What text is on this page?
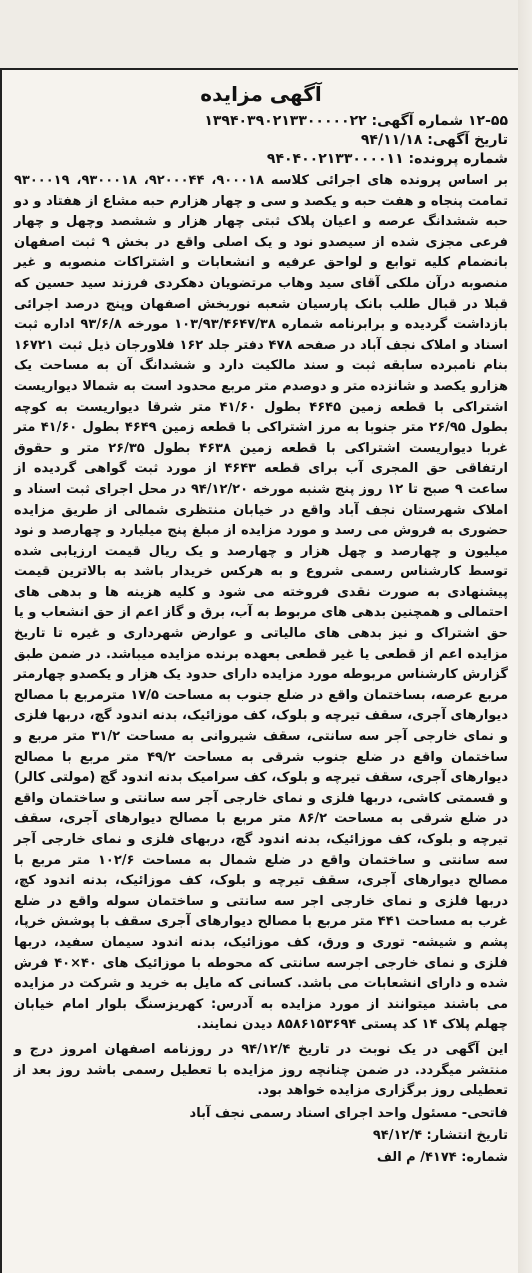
آگهی مزایده
۱۲-۵۵ شماره آگهی: ۱۳۹۴۰۳۹۰۲۱۳۳۰۰۰۰۰۲۲
تاریخ آگهی: ۹۴/۱۱/۱۸
شماره پرونده: ۹۴۰۴۰۰۲۱۳۳۰۰۰۰۱۱

بر اساس پرونده های اجرائی کلاسه ۹۰۰۰۱۸، ۹۲۰۰۰۴۴، ۹۳۰۰۰۱۸، ۹۳۰۰۰۱۹ تمامت پنجاه و هفت حبه و یکصد و سی و چهار هزارم حبه مشاع از هفتاد و دو حبه ششدانگ عرصه و اعیان پلاک ثبتی چهار هزار و ششصد وچهل و چهار فرعی مجزی شده از سیصدو نود و یک اصلی واقع در بخش ۹ ثبت اصفهان بانضمام کلیه توابع و لواحق عرفیه و انشعابات و اشتراکات منصوبه و غیر منصوبه درآن ملکی آقای سید وهاب مرتضویان دهکردی فرزند سید حسین که قبلا در قبال طلب بانک پارسیان شعبه نوربخش اصفهان وپنج درصد اجرائی بازداشت گردیده و برابرنامه شماره ۱۰۳/۹۳/۴۶۴۷/۳۸ مورخه ۹۳/۶/۸ اداره ثبت اسناد و املاک نجف آباد در صفحه ۴۷۸ دفتر جلد ۱۶۲ فلاورجان ذیل ثبت ۱۶۷۲۱ بنام نامبرده سابقه ثبت و سند مالکیت دارد و ششدانگ آن به مساحت یک هزارو یکصد و شانزده متر و دوصدم متر مربع محدود است به شمالا دیواریست اشتراکی با قطعه زمین ۴۶۴۵ بطول ۴۱/۶۰ متر شرقا دیواریست به کوچه بطول ۲۶/۹۵ متر جنوبا به مرز اشتراکی با قطعه زمین ۴۶۴۹ بطول ۴۱/۶۰ متر غربا دیواریست اشتراکی با قطعه زمین ۴۶۳۸ بطول ۲۶/۳۵ متر و حقوق ارتفاقی حق المجری آب برای قطعه ۴۶۴۳ از مورد ثبت گواهی گردیده از ساعت ۹ صبح تا ۱۲ روز پنج شنبه مورخه ۹۴/۱۲/۲۰ در محل اجرای ثبت اسناد و املاک شهرستان نجف آباد واقع در خیابان منتظری شمالی از طریق مزایده حضوری به فروش می رسد و مورد مزایده از مبلغ پنج میلیارد و چهارصد و نود میلیون و چهارصد و چهل هزار و چهارصد و یک ریال قیمت ارزیابی شده توسط کارشناس رسمی شروع و به هرکس خریدار باشد به بالاترین قیمت پیشنهادی به صورت نقدی فروخته می شود و کلیه هزینه ها و بدهی های احتمالی و همچنین بدهی های مربوط به آب، برق و گاز اعم از حق انشعاب و یا حق اشتراک و نیز بدهی های مالیاتی و عوارض شهرداری و غیره تا تاریخ مزایده اعم از قطعی یا غیر قطعی بعهده برنده مزایده میباشد. در ضمن طبق گزارش کارشناس مربوطه مورد مزایده دارای حدود یک هزار و یکصدو چهارمتر مربع عرصه، بساختمان واقع در ضلع جنوب به مساحت ۱۷/۵ مترمربع با مصالح دیوارهای آجری، سقف تیرچه و بلوک، کف موزائیک، بدنه اندود گچ، دربها فلزی و نمای خارجی آجر سه سانتی، سقف شیروانی به مساحت ۳۱/۲ متر مربع و ساختمان واقع در ضلع جنوب شرقی به مساحت ۴۹/۲ متر مربع با مصالح دیوارهای آجری، سقف تیرچه و بلوک، کف سرامیک بدنه اندود گچ (مولتی کالر) و قسمتی کاشی، دربها فلزی و نمای خارجی آجر سه سانتی و ساختمان واقع در ضلع شرقی به مساحت ۸۶/۲ متر مربع با مصالح دیوارهای آجری، سقف تیرچه و بلوک، کف موزائیک، بدنه اندود گچ، دربهای فلزی و نمای خارجی آجر سه سانتی و ساختمان واقع در ضلع شمال به مساحت ۱۰۲/۶ متر مربع با مصالح دیوارهای آجری، سقف تیرچه و بلوک، کف موزائیک، بدنه اندود کچ، دربها فلزی و نمای خارجی اجر سه سانتی و ساختمان سوله واقع در ضلع غرب به مساحت ۴۴۱ متر مربع با مصالح دیوارهای آجری سقف با پوشش خرپا، پشم و شیشه- توری و ورق، کف موزائیک، بدنه اندود سیمان سفید، دربها فلزی و نمای خارجی اجرسه سانتی که محوطه با موزائیک های ۴۰×۴۰ فرش شده و دارای انشعابات می باشد. کسانی که مایل به خرید و شرکت در مزایده می باشند میتوانند از مورد مزایده به آدرس: کهریزسنگ بلوار امام خیابان چهلم پلاک ۱۴ کد پستی ۸۵۸۶۱۵۳۶۹۴ دیدن نمایند.

این آگهی در یک نوبت در تاریخ ۹۴/۱۲/۴ در روزنامه اصفهان امروز درج و منتشر میگردد. در ضمن چنانچه روز مزایده با تعطیل رسمی باشد روز بعد از تعطیلی روز برگزاری مزایده خواهد بود.
فاتحی- مسئول واحد اجرای اسناد رسمی نجف آباد
تاریخ انتشار: ۹۴/۱۲/۴
شماره: ۴۱۷۴/ م الف
